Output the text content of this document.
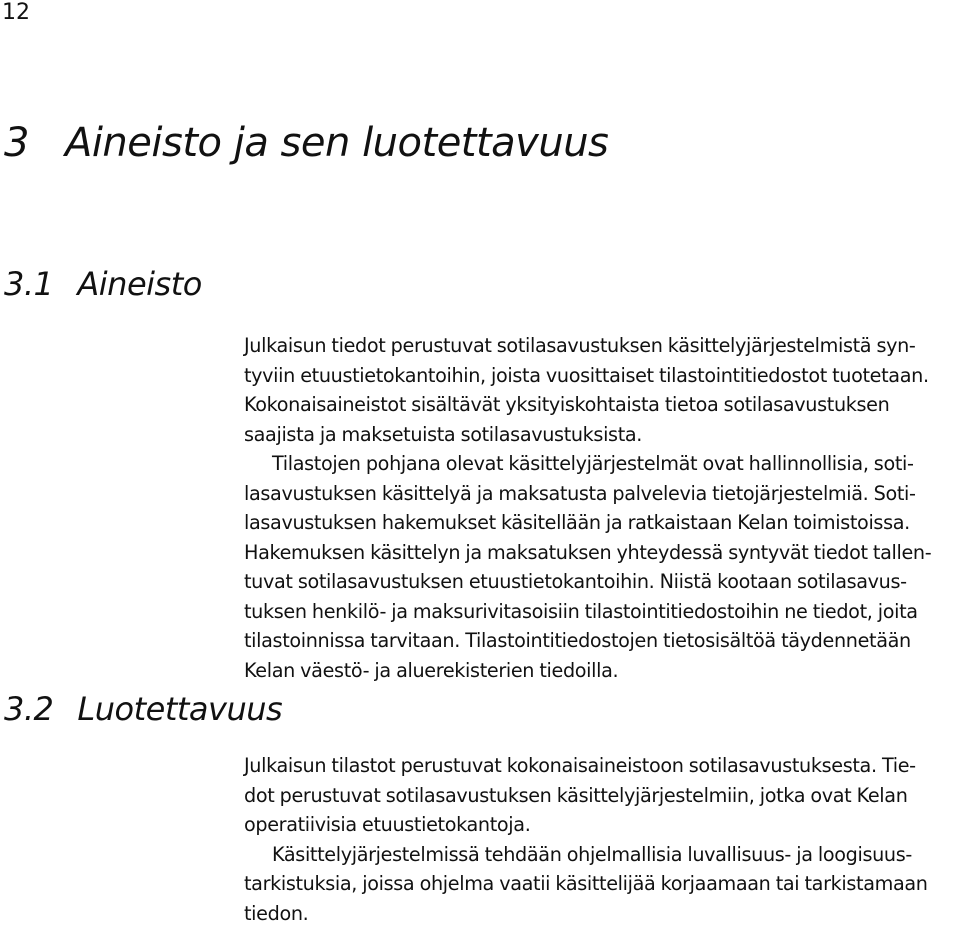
12
3 Aineisto ja sen luotettavuus
3.1 Aineisto

Julkaisun tiedot perustuvat sotilasavustuksen käsittelyjärjestelmistä syn-
tyviin etuustietokantoihin, joista vuosittaiset tilastointitiedostot tuotetaan.
Kokonaisaineistot sisältävät yksityiskohtaista tietoa sotilasavustuksen
saajista ja maksetuista sotilasavustuksista.

Tilastojen pohjana olevat käsittelyjärjestelmät ovat hallinnollisia, soti-
lasavustuksen käsittelyä ja maksatusta palvelevia tietojärjestelmiä. Soti-
lasavustuksen hakemukset käsitellään ja ratkaistaan Kelan toimistoissa.
Hakemuksen käsittelyn ja maksatuksen yhteydessä syntyvät tiedot tallen-
tuvat sotilasavustuksen etuustietokantoihin. Niistä kootaan sotilasavus-
tuksen henkilö- ja maksurivitasoisiin tilastointitiedostoihin ne tiedot, joita
tilastoinnissa tarvitaan. Tilastointitiedostojen tietosisältöä täydennetään
Kelan väestö- ja aluerekisterien tiedoilla.

3.2 Luotettavuus

Julkaisun tilastot perustuvat kokonaisaineistoon sotilasavustuksesta. Tie-
dot perustuvat sotilasavustuksen käsittelyjärjestelmiin, jotka ovat Kelan
operatiivisia etuustietokantoja.

Käsittelyjärjestelmissä tehdään ohjelmallisia luvallisuus- ja loogisuus-
tarkistuksia, joissa ohjelma vaatii käsittelijää korjaamaan tai tarkistamaan
tiedon.
